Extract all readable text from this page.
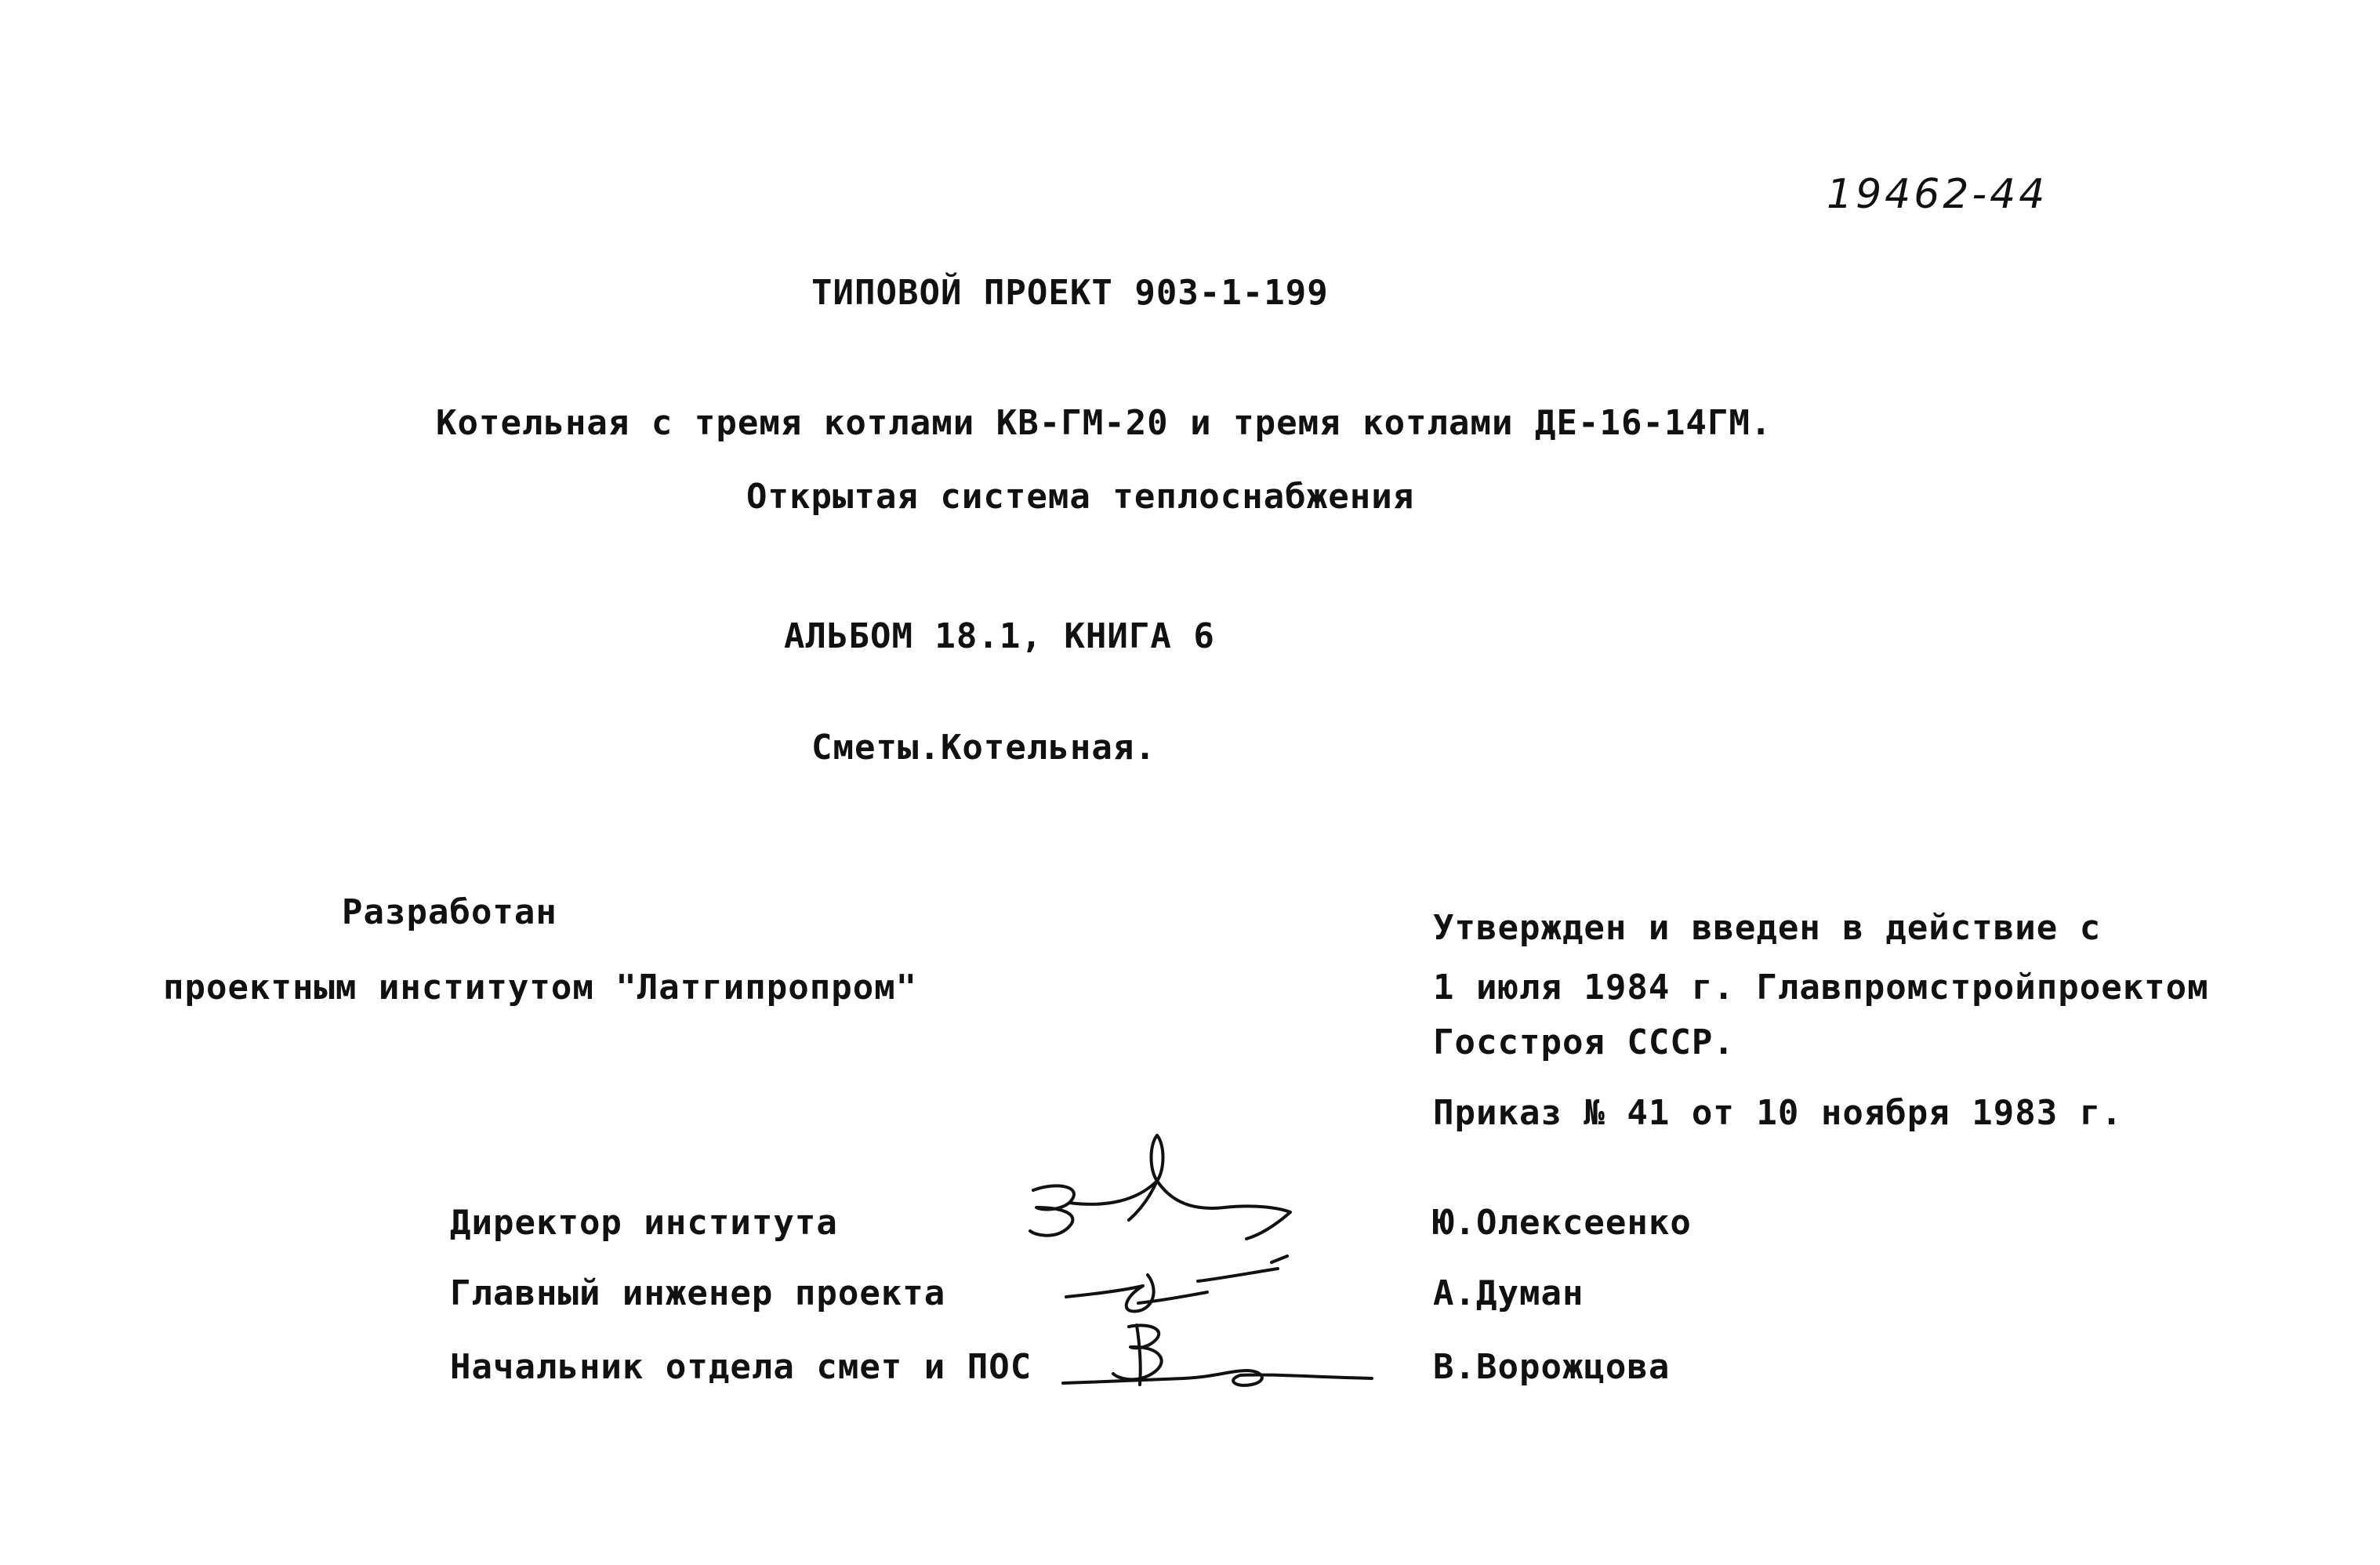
19462-44
ТИПОВОЙ ПРОЕКТ 903-1-199
Котельная с тремя котлами КВ-ГМ-20 и тремя котлами ДЕ-16-14ГМ.
Открытая система теплоснабжения
АЛЬБОМ 18.1, КНИГА 6
Сметы.Котельная.
Разработан
проектным институтом "Латгипропром"
Утвержден и введен в действие с
1 июля 1984 г. Главпромстройпроектом
Госстроя СССР.
Приказ № 41 от 10 ноября 1983 г.
Директор института	Ю.Олексеенко
Главный инженер проекта	А.Думан
Начальник отдела смет и ПОС	В.Ворожцова
